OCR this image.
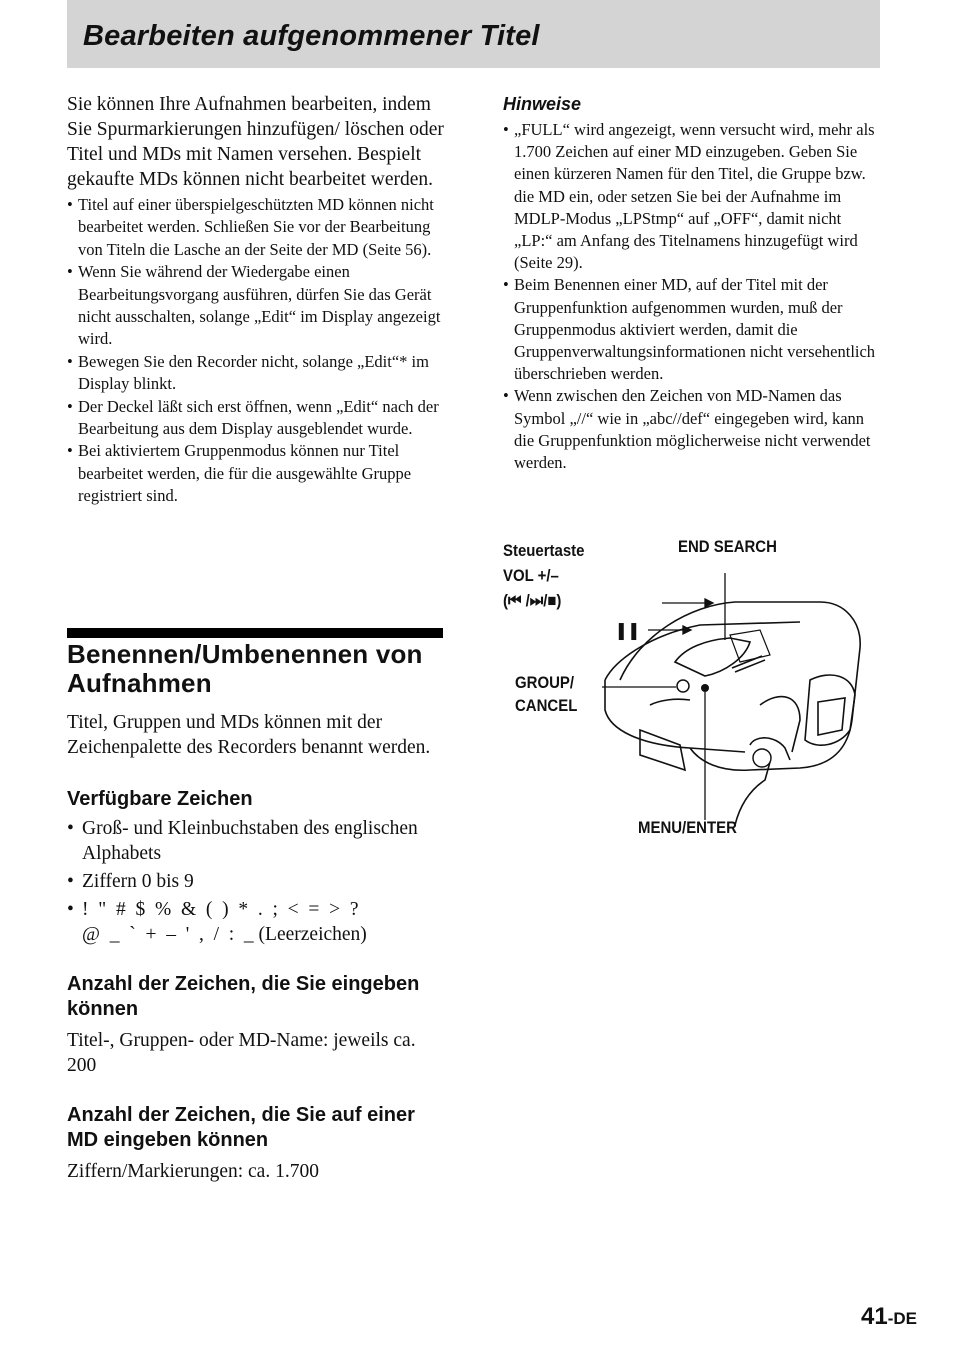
Bearbeiten aufgenommener Titel

Sie können Ihre Aufnahmen bearbeiten, indem Sie Spurmarkierungen hinzufügen/ löschen oder Titel und MDs mit Namen versehen. Bespielt gekaufte MDs können nicht bearbeitet werden.

• Titel auf einer überspielgeschützten MD können nicht bearbeitet werden. Schließen Sie vor der Bearbeitung von Titeln die Lasche an der Seite der MD (Seite 56).
• Wenn Sie während der Wiedergabe einen Bearbeitungsvorgang ausführen, dürfen Sie das Gerät nicht ausschalten, solange „Edit“ im Display angezeigt wird.
• Bewegen Sie den Recorder nicht, solange „Edit“* im Display blinkt.
• Der Deckel läßt sich erst öffnen, wenn „Edit“ nach der Bearbeitung aus dem Display ausgeblendet wurde.
• Bei aktiviertem Gruppenmodus können nur Titel bearbeitet werden, die für die ausgewählte Gruppe registriert sind.
Benennen/Umbenennen von Aufnahmen

Titel, Gruppen und MDs können mit der Zeichenpalette des Recorders benannt werden.

Verfügbare Zeichen
• Groß- und Kleinbuchstaben des englischen Alphabets
• Ziffern 0 bis 9
• !  "  #  $  %  &  (  )  *  .  ;  <  =  >  ?
@  _  `  +  –  '  ,  /  :  _ (Leerzeichen)
Anzahl der Zeichen, die Sie eingeben können

Titel-, Gruppen- oder MD-Name: jeweils ca. 200

Anzahl der Zeichen, die Sie auf einer MD eingeben können

Ziffern/Markierungen: ca. 1.700

Hinweise

• „FULL“ wird angezeigt, wenn versucht wird, mehr als 1.700 Zeichen auf einer MD einzugeben. Geben Sie einen kürzeren Namen für den Titel, die Gruppe bzw. die MD ein, oder setzen Sie bei der Aufnahme im MDLP-Modus „LPStmp“ auf „OFF“, damit nicht „LP:“ am Anfang des Titelnamens hinzugefügt wird (Seite 29).
• Beim Benennen einer MD, auf der Titel mit der Gruppenfunktion aufgenommen wurden, muß der Gruppenmodus aktiviert werden, damit die Gruppenverwaltungsinformationen nicht versehentlich überschrieben werden.
• Wenn zwischen den Zeichen von MD-Namen das Symbol „//“ wie in „abc//def“ eingegeben wird, kann die Gruppenfunktion möglicherweise nicht verwendet werden.
Steuertaste
VOL +/–
(⏮ /⏭/■)
❚❚
END SEARCH
GROUP/
CANCEL
MENU/ENTER
41-DE
